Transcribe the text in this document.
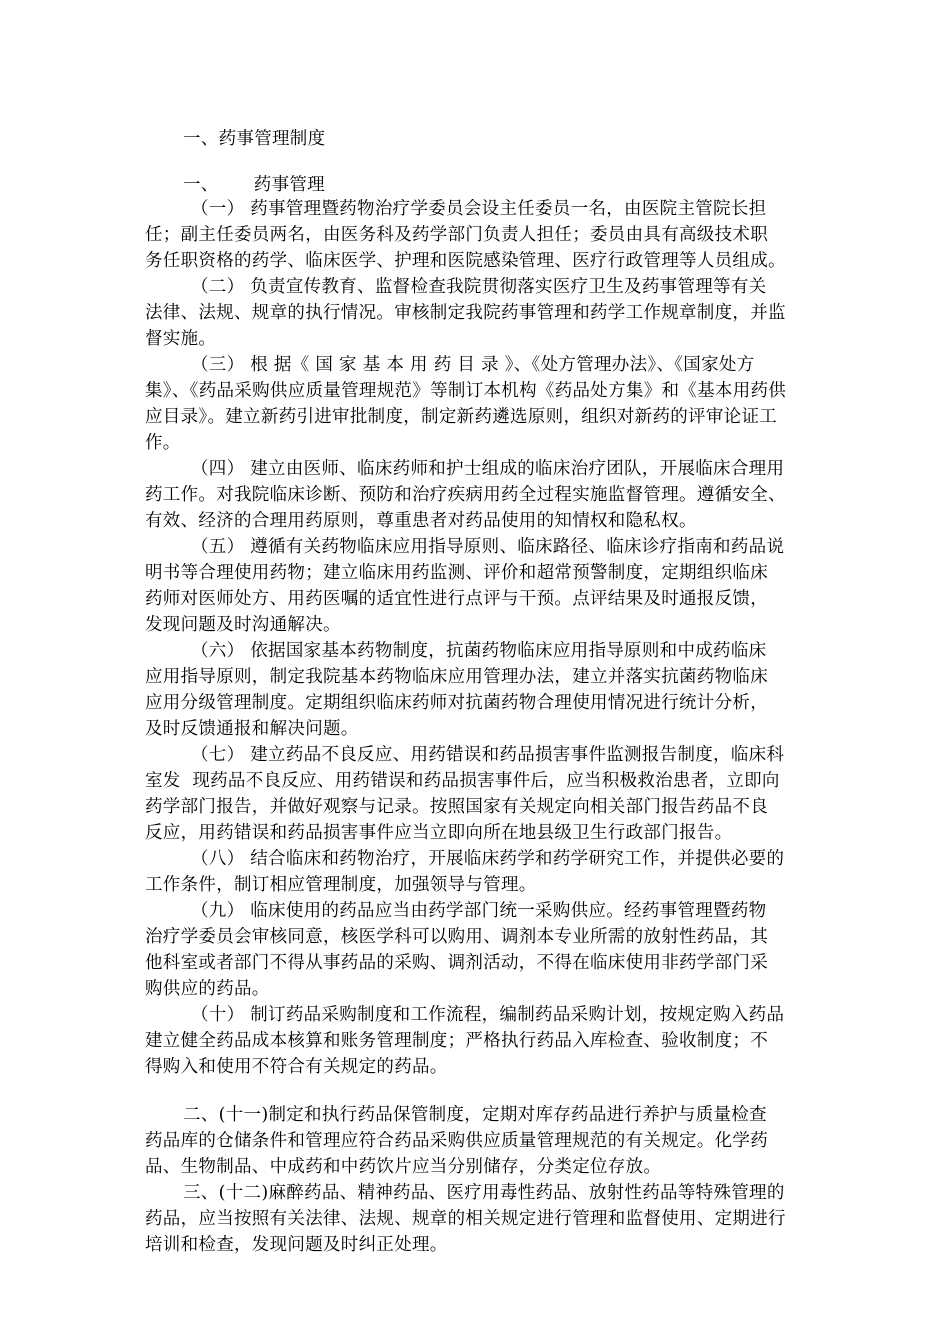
一、药事管理制度
一、      药事管理
（一） 药事管理暨药物治疗学委员会设主任委员一名，由医院主管院长担
任；副主任委员两名，由医务科及药学部门负责人担任；委员由具有高级技术职
务任职资格的药学、临床医学、护理和医院感染管理、医疗行政管理等人员组成。
（二） 负责宣传教育、监督检查我院贯彻落实医疗卫生及药事管理等有关
法律、法规、规章的执行情况。审核制定我院药事管理和药学工作规章制度，并监
督实施。
（三） 根 据《 国 家 基 本 用 药 目 录 》、《处方管理办法》、《国家处方
集》、《药品采购供应质量管理规范》等制订本机构《药品处方集》和《基本用药供
应目录》。建立新药引进审批制度，制定新药遴选原则，组织对新药的评审论证工
作。
（四） 建立由医师、临床药师和护士组成的临床治疗团队，开展临床合理用
药工作。对我院临床诊断、预防和治疗疾病用药全过程实施监督管理。遵循安全、
有效、经济的合理用药原则，尊重患者对药品使用的知情权和隐私权。
（五） 遵循有关药物临床应用指导原则、临床路径、临床诊疗指南和药品说
明书等合理使用药物；建立临床用药监测、评价和超常预警制度，定期组织临床
药师对医师处方、用药医嘱的适宜性进行点评与干预。点评结果及时通报反馈，
发现问题及时沟通解决。
（六） 依据国家基本药物制度，抗菌药物临床应用指导原则和中成药临床
应用指导原则，制定我院基本药物临床应用管理办法，建立并落实抗菌药物临床
应用分级管理制度。定期组织临床药师对抗菌药物合理使用情况进行统计分析，
及时反馈通报和解决问题。
（七） 建立药品不良反应、用药错误和药品损害事件监测报告制度，临床科
室发  现药品不良反应、用药错误和药品损害事件后，应当积极救治患者，立即向
药学部门报告，并做好观察与记录。按照国家有关规定向相关部门报告药品不良
反应，用药错误和药品损害事件应当立即向所在地县级卫生行政部门报告。
（八） 结合临床和药物治疗，开展临床药学和药学研究工作，并提供必要的
工作条件，制订相应管理制度，加强领导与管理。
（九） 临床使用的药品应当由药学部门统一采购供应。经药事管理暨药物
治疗学委员会审核同意，核医学科可以购用、调剂本专业所需的放射性药品，其
他科室或者部门不得从事药品的采购、调剂活动，不得在临床使用非药学部门采
购供应的药品。
（十） 制订药品采购制度和工作流程，编制药品采购计划，按规定购入药品
建立健全药品成本核算和账务管理制度；严格执行药品入库检查、验收制度；不
得购入和使用不符合有关规定的药品。
二、(十一)制定和执行药品保管制度，定期对库存药品进行养护与质量检查
药品库的仓储条件和管理应符合药品采购供应质量管理规范的有关规定。化学药
品、生物制品、中成药和中药饮片应当分别储存，分类定位存放。
三、(十二)麻醉药品、精神药品、医疗用毒性药品、放射性药品等特殊管理的
药品，应当按照有关法律、法规、规章的相关规定进行管理和监督使用、定期进行
培训和检查，发现问题及时纠正处理。
